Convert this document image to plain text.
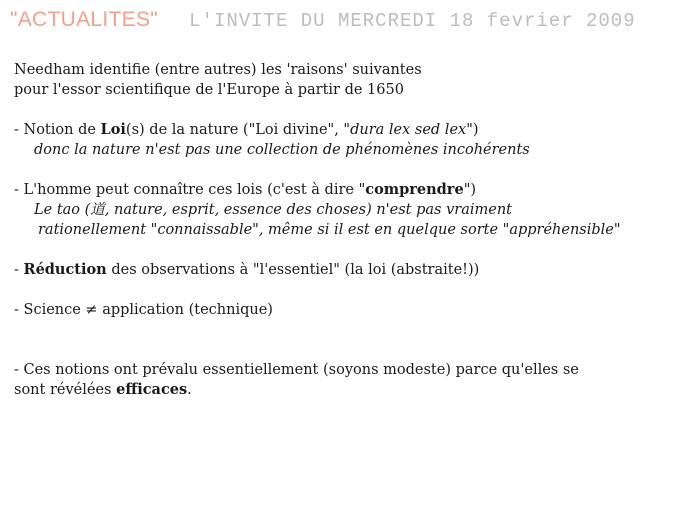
"ACTUALITES" L'INVITE DU MERCREDI 18 fevrier 2009
Needham identifie (entre autres) les 'raisons' suivantes
pour l'essor scientifique de l'Europe à partir de 1650
- Notion de Loi(s) de la nature ("Loi divine", "dura lex sed lex")
donc la nature n'est pas une collection de phénomènes incohérents
- L'homme peut connaître ces lois (c'est à dire "comprendre")
Le tao (道, nature, esprit, essence des choses) n'est pas vraiment
rationellement "connaissable", même si il est en quelque sorte "appréhensible"
- Réduction des observations à "l'essentiel" (la loi (abstraite!))
- Science ≠ application (technique)
- Ces notions ont prévalu essentiellement (soyons modeste) parce qu'elles se
sont révélées efficaces.
